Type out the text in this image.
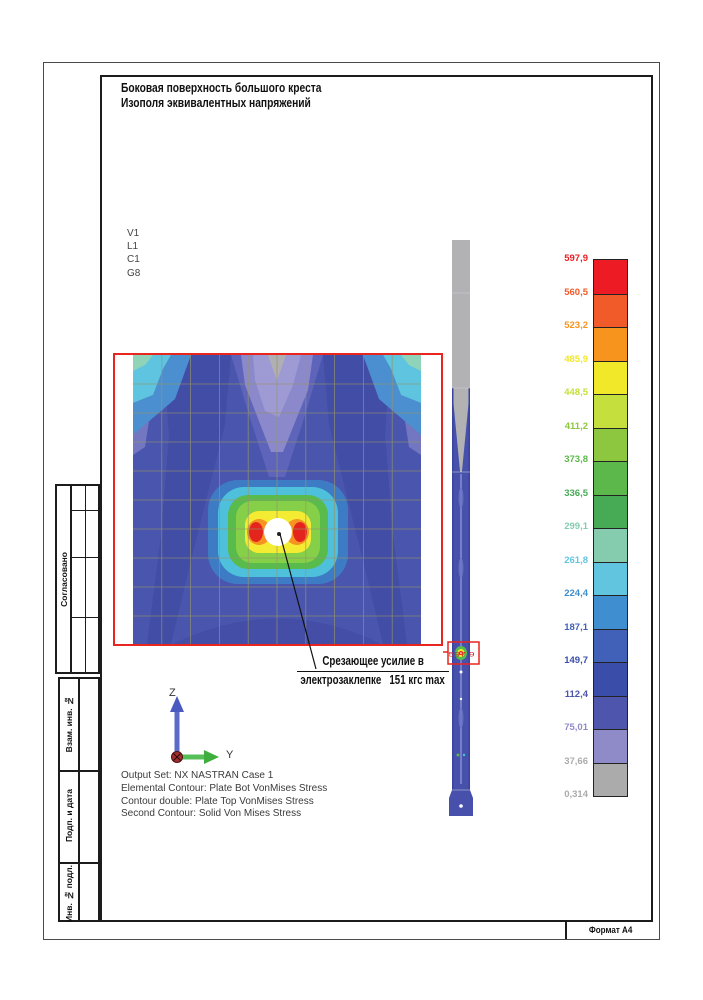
Формат А4
Согласовано
Взам. инв. №
Подп. и дата
Инв. № подл.
Боковая поверхность большого креста
Изополя эквивалентных напряжений
V1
L1
C1
G8
597,9
Срезающее усилие в
электрозаклепке   151 кгс max
Z
Y
Output Set: NX NASTRAN Case 1
Elemental Contour: Plate Bot VonMises Stress
Contour double: Plate Top VonMises Stress
Second Contour: Solid Von Mises Stress
597,9
560,5
523,2
485,9
448,5
411,2
373,8
336,5
299,1
261,8
224,4
187,1
149,7
112,4
75,01
37,66
0,314
